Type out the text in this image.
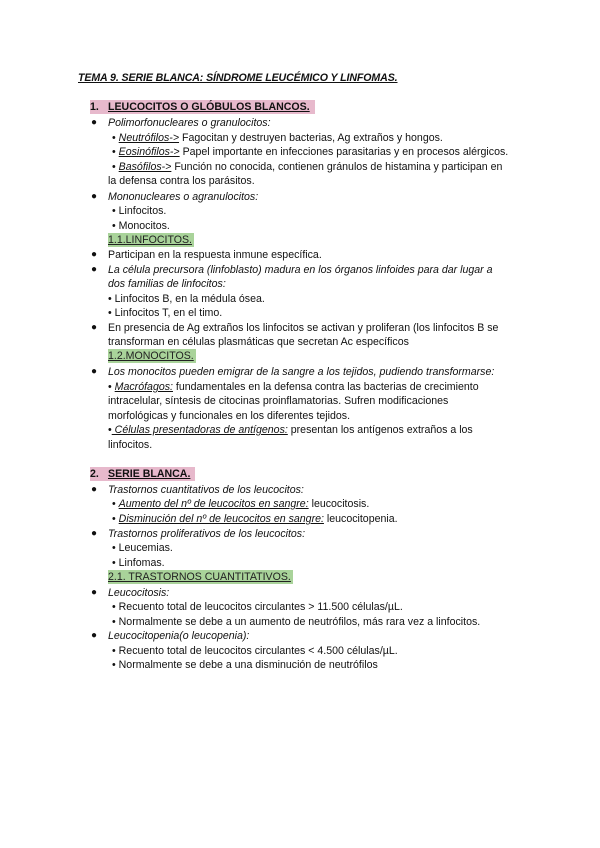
TEMA 9. SERIE BLANCA: SÍNDROME LEUCÉMICO Y LINFOMAS.
1. LEUCOCITOS O GLÓBULOS BLANCOS.
● Polimorfonucleares o granulocitos:
• Neutrófilos-> Fagocitan y destruyen bacterias, Ag extraños y hongos.
• Eosinófilos-> Papel importante en infecciones parasitarias y en procesos alérgicos.
• Basófilos-> Función no conocida, contienen gránulos de histamina y participan en
la defensa contra los parásitos.
● Mononucleares o agranulocitos:
• Linfocitos.
• Monocitos.
1.1.LINFOCITOS.
● Participan en la respuesta inmune específica.
● La célula precursora (linfoblasto) madura en los órganos linfoides para dar lugar a
dos familias de linfocitos:
• Linfocitos B, en la médula ósea.
• Linfocitos T, en el timo.
● En presencia de Ag extraños los linfocitos se activan y proliferan (los linfocitos B se
transforman en células plasmáticas que secretan Ac específicos
1.2.MONOCITOS.
● Los monocitos pueden emigrar de la sangre a los tejidos, pudiendo transformarse:
• Macrófagos: fundamentales en la defensa contra las bacterias de crecimiento
intracelular, síntesis de citocinas proinflamatorias. Sufren modificaciones
morfológicas y funcionales en los diferentes tejidos.
• Células presentadoras de antígenos: presentan los antígenos extraños a los
linfocitos.
2. SERIE BLANCA.
● Trastornos cuantitativos de los leucocitos:
• Aumento del nº de leucocitos en sangre: leucocitosis.
• Disminución del nº de leucocitos en sangre: leucocitopenia.
● Trastornos proliferativos de los leucocitos:
• Leucemias.
• Linfomas.
2.1. TRASTORNOS CUANTITATIVOS.
● Leucocitosis:
• Recuento total de leucocitos circulantes > 11.500 células/µL.
• Normalmente se debe a un aumento de neutrófilos, más rara vez a linfocitos.
● Leucocitopenia(o leucopenia):
• Recuento total de leucocitos circulantes < 4.500 células/µL.
• Normalmente se debe a una disminución de neutrófilos
